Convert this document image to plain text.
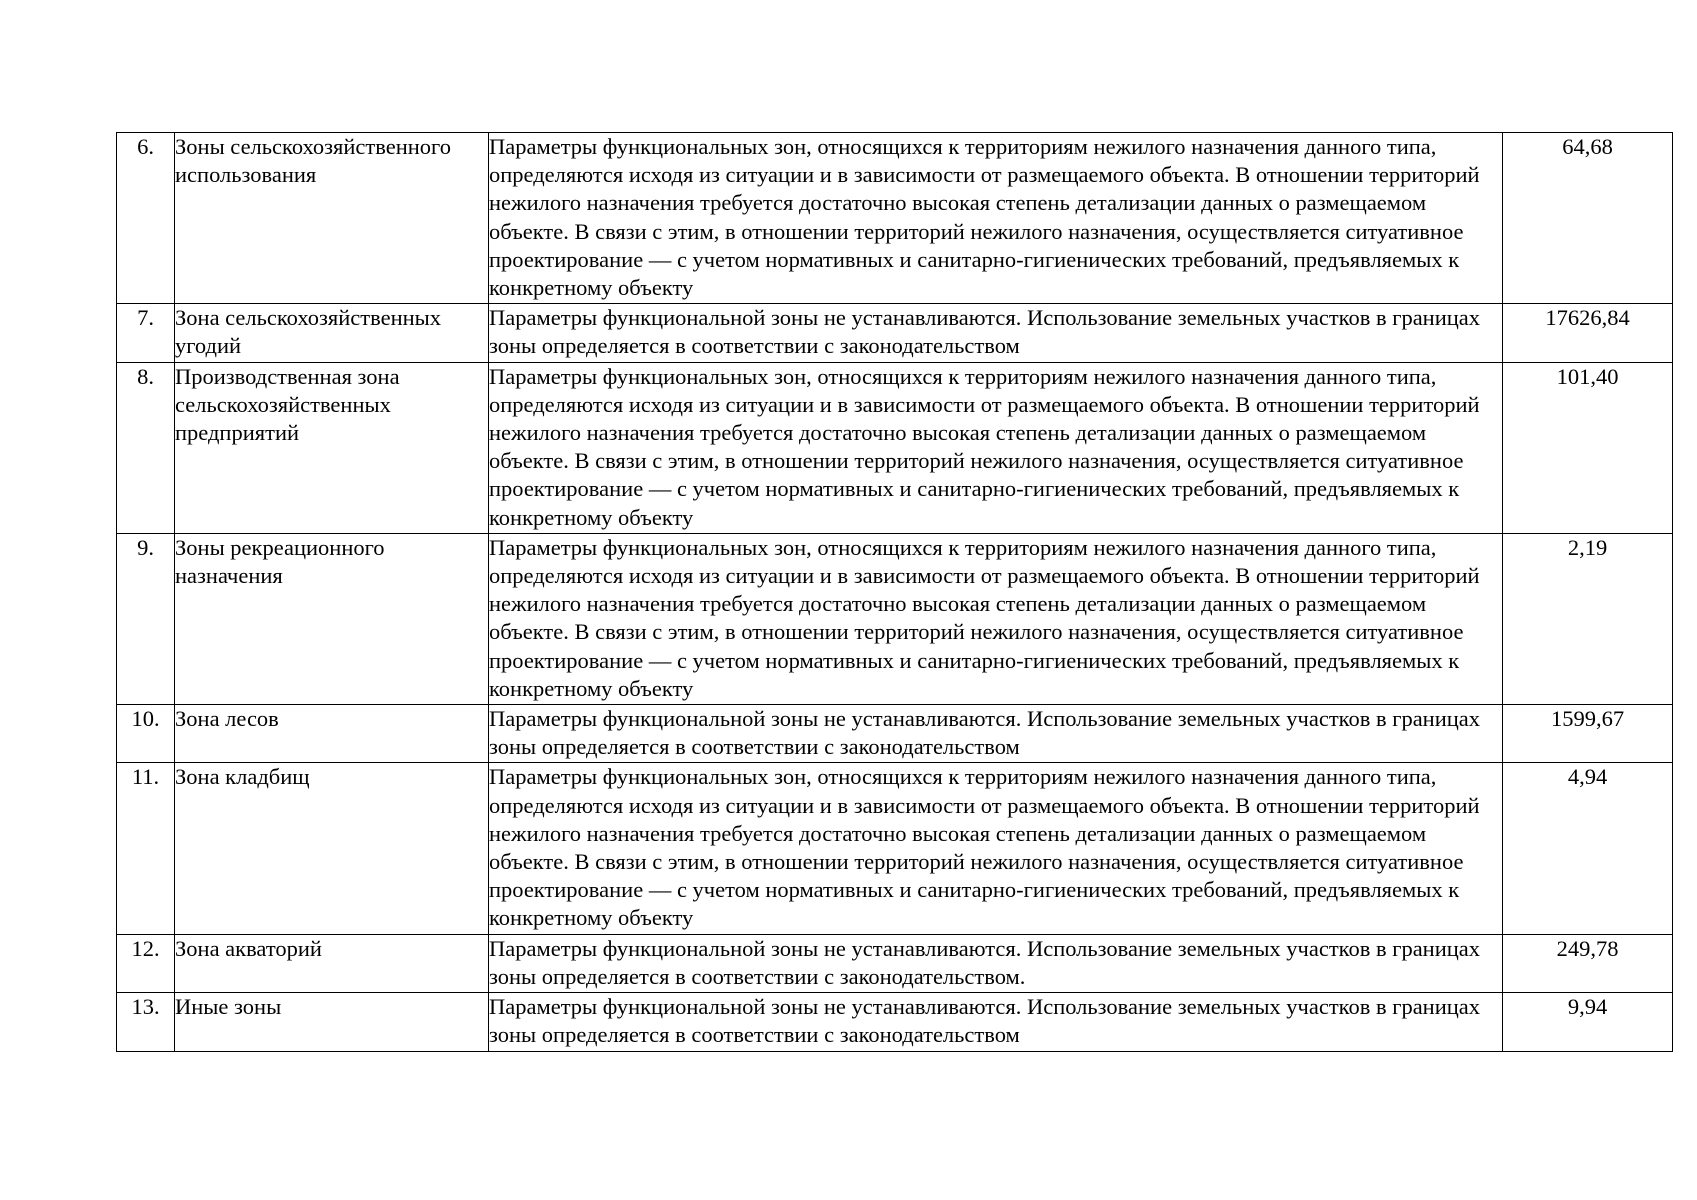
6.	Зоны сельскохозяйственного использования	Параметры функциональных зон, относящихся к территориям нежилого назначения данного типа, определяются исходя из ситуации и в зависимости от размещаемого объекта. В отношении территорий нежилого назначения требуется достаточно высокая степень детализации данных о размещаемом объекте. В связи с этим, в отношении территорий нежилого назначения, осуществляется ситуативное проектирование — с учетом нормативных и санитарно-гигиенических требований, предъявляемых к конкретному объекту	64,68
7.	Зона сельскохозяйственных угодий	Параметры функциональной зоны не устанавливаются. Использование земельных участков в границах зоны определяется в соответствии с законодательством	17626,84
8.	Производственная зона сельскохозяйственных предприятий	Параметры функциональных зон, относящихся к территориям нежилого назначения данного типа, определяются исходя из ситуации и в зависимости от размещаемого объекта. В отношении территорий нежилого назначения требуется достаточно высокая степень детализации данных о размещаемом объекте. В связи с этим, в отношении территорий нежилого назначения, осуществляется ситуативное проектирование — с учетом нормативных и санитарно-гигиенических требований, предъявляемых к конкретному объекту	101,40
9.	Зоны рекреационного назначения	Параметры функциональных зон, относящихся к территориям нежилого назначения данного типа, определяются исходя из ситуации и в зависимости от размещаемого объекта. В отношении территорий нежилого назначения требуется достаточно высокая степень детализации данных о размещаемом объекте. В связи с этим, в отношении территорий нежилого назначения, осуществляется ситуативное проектирование — с учетом нормативных и санитарно-гигиенических требований, предъявляемых к конкретному объекту	2,19
10.	Зона лесов	Параметры функциональной зоны не устанавливаются. Использование земельных участков в границах зоны определяется в соответствии с законодательством	1599,67
11.	Зона кладбищ	Параметры функциональных зон, относящихся к территориям нежилого назначения данного типа, определяются исходя из ситуации и в зависимости от размещаемого объекта. В отношении территорий нежилого назначения требуется достаточно высокая степень детализации данных о размещаемом объекте. В связи с этим, в отношении территорий нежилого назначения, осуществляется ситуативное проектирование — с учетом нормативных и санитарно-гигиенических требований, предъявляемых к конкретному объекту	4,94
12.	Зона акваторий	Параметры функциональной зоны не устанавливаются. Использование земельных участков в границах зоны определяется в соответствии с законодательством.	249,78
13.	Иные зоны	Параметры функциональной зоны не устанавливаются. Использование земельных участков в границах зоны определяется в соответствии с законодательством	9,94
